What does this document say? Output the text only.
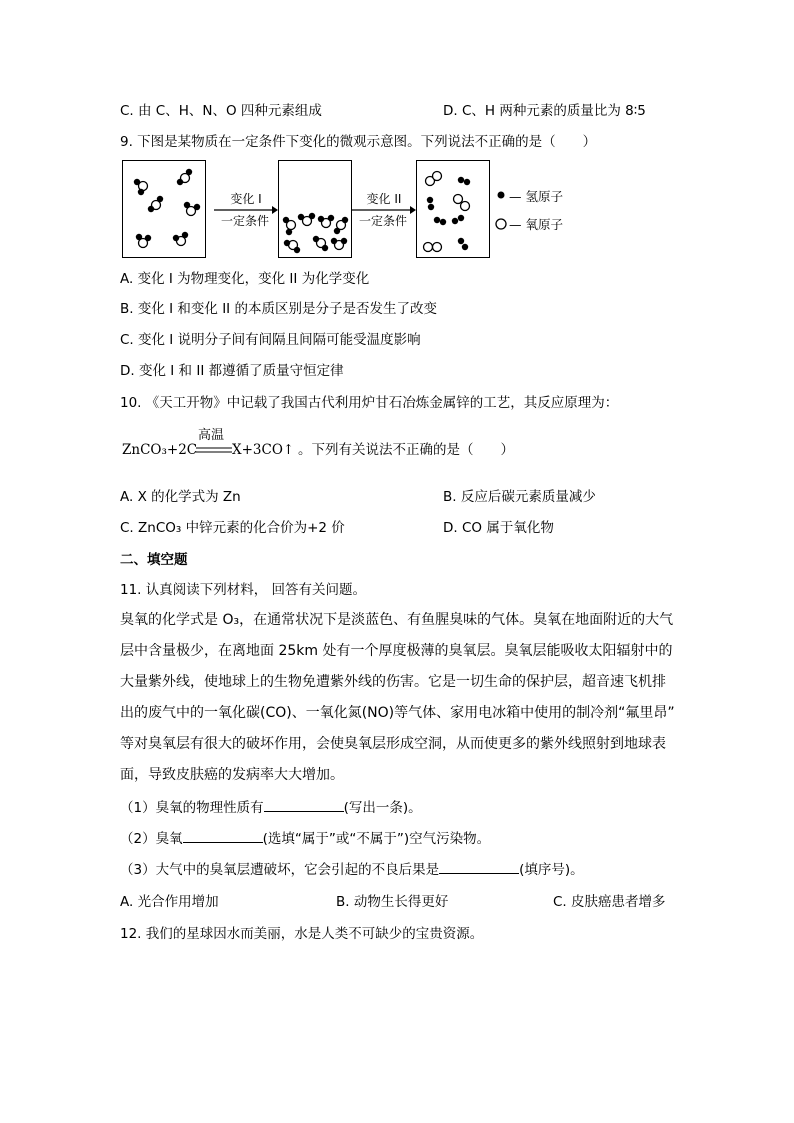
C. 由 C、H、N、O 四种元素组成	D. C、H 两种元素的质量比为 8∶5
9. 下图是某物质在一定条件下变化的微观示意图。下列说法不正确的是（　　）
变化 I
一定条件
变化 II
一定条件
— 氢原子
— 氧原子
A. 变化 I 为物理变化，变化 II 为化学变化
B. 变化 I 和变化 II 的本质区别是分子是否发生了改变
C. 变化 I 说明分子间有间隔且间隔可能受温度影响
D. 变化 I 和 II 都遵循了质量守恒定律
10. 《天工开物》中记载了我国古代利用炉甘石冶炼金属锌的工艺，其反应原理为：
高温
ZnCO₃+2C	X+3CO↑ 。下列有关说法不正确的是（　　）
A. X 的化学式为 Zn	B. 反应后碳元素质量减少
C. ZnCO₃ 中锌元素的化合价为+2 价	D. CO 属于氧化物
二、填空题
11. 认真阅读下列材料， 回答有关问题。
臭氧的化学式是 O₃，在通常状况下是淡蓝色、有鱼腥臭味的气体。臭氧在地面附近的大气
层中含量极少，在离地面 25km 处有一个厚度极薄的臭氧层。臭氧层能吸收太阳辐射中的
大量紫外线，使地球上的生物免遭紫外线的伤害。它是一切生命的保护层，超音速飞机排
出的废气中的一氧化碳(CO)、一氧化氮(NO)等气体、家用电冰箱中使用的制冷剂“氟里昂”
等对臭氧层有很大的破坏作用，会使臭氧层形成空洞，从而使更多的紫外线照射到地球表
面，导致皮肤癌的发病率大大增加。
（1）臭氧的物理性质有	(写出一条)。
（2）臭氧	(选填“属于”或“不属于”)空气污染物。
（3）大气中的臭氧层遭破坏，它会引起的不良后果是	(填序号)。
A. 光合作用增加	B. 动物生长得更好	C. 皮肤癌患者增多
12. 我们的星球因水而美丽，水是人类不可缺少的宝贵资源。
